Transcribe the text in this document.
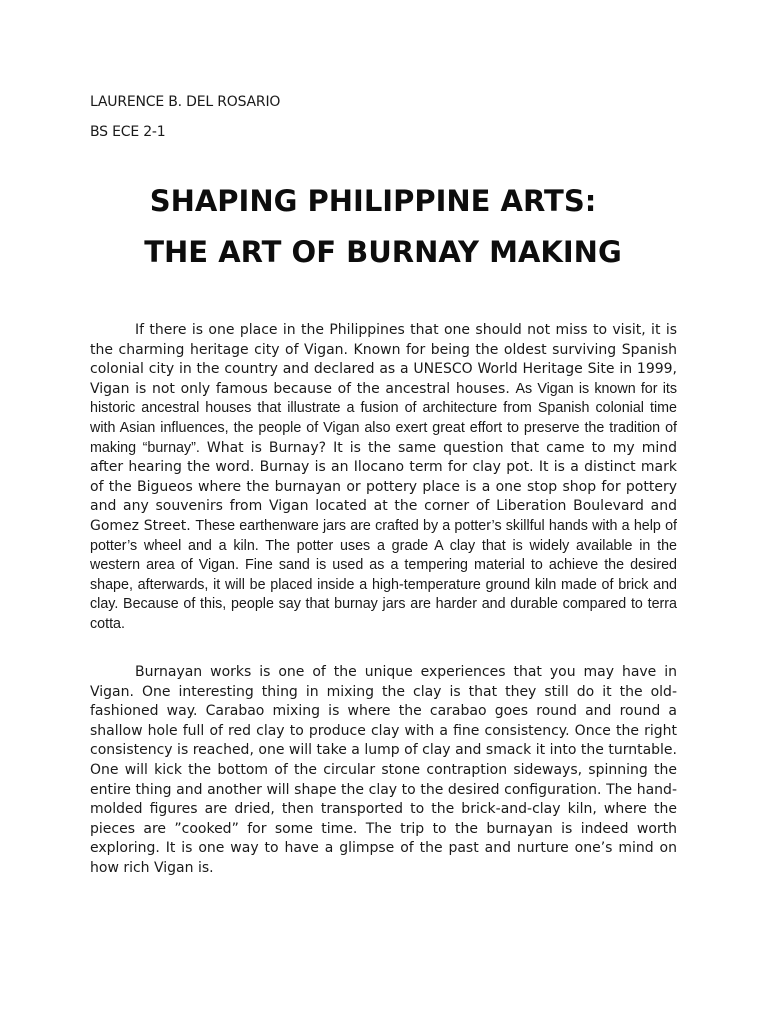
LAURENCE B. DEL ROSARIO
BS ECE 2-1
SHAPING PHILIPPINE ARTS:
THE ART OF BURNAY MAKING
If there is one place in the Philippines that one should not miss to visit, it is the charming heritage city of Vigan. Known for being the oldest surviving Spanish colonial city in the country and declared as a UNESCO World Heritage Site in 1999, Vigan is not only famous because of the ancestral houses. As Vigan is known for its historic ancestral houses that illustrate a fusion of architecture from Spanish colonial time with Asian influences, the people of Vigan also exert great effort to preserve the tradition of making “burnay”. What is Burnay? It is the same question that came to my mind after hearing the word. Burnay is an Ilocano term for clay pot. It is a distinct mark of the Bigueos where the burnayan or pottery place is a one stop shop for pottery and any souvenirs from Vigan located at the corner of Liberation Boulevard and Gomez Street. These earthenware jars are crafted by a potter’s skillful hands with a help of potter’s wheel and a kiln. The potter uses a grade A clay that is widely available in the western area of Vigan. Fine sand is used as a tempering material to achieve the desired shape, afterwards, it will be placed inside a high-temperature ground kiln made of brick and clay. Because of this, people say that burnay jars are harder and durable compared to terra cotta.
Burnayan works is one of the unique experiences that you may have in Vigan. One interesting thing in mixing the clay is that they still do it the old-fashioned way. Carabao mixing is where the carabao goes round and round a shallow hole full of red clay to produce clay with a fine consistency. Once the right consistency is reached, one will take a lump of clay and smack it into the turntable. One will kick the bottom of the circular stone contraption sideways, spinning the entire thing and another will shape the clay to the desired configuration. The hand-molded figures are dried, then transported to the brick-and-clay kiln, where the pieces are ”cooked” for some time. The trip to the burnayan is indeed worth exploring. It is one way to have a glimpse of the past and nurture one’s mind on how rich Vigan is.
